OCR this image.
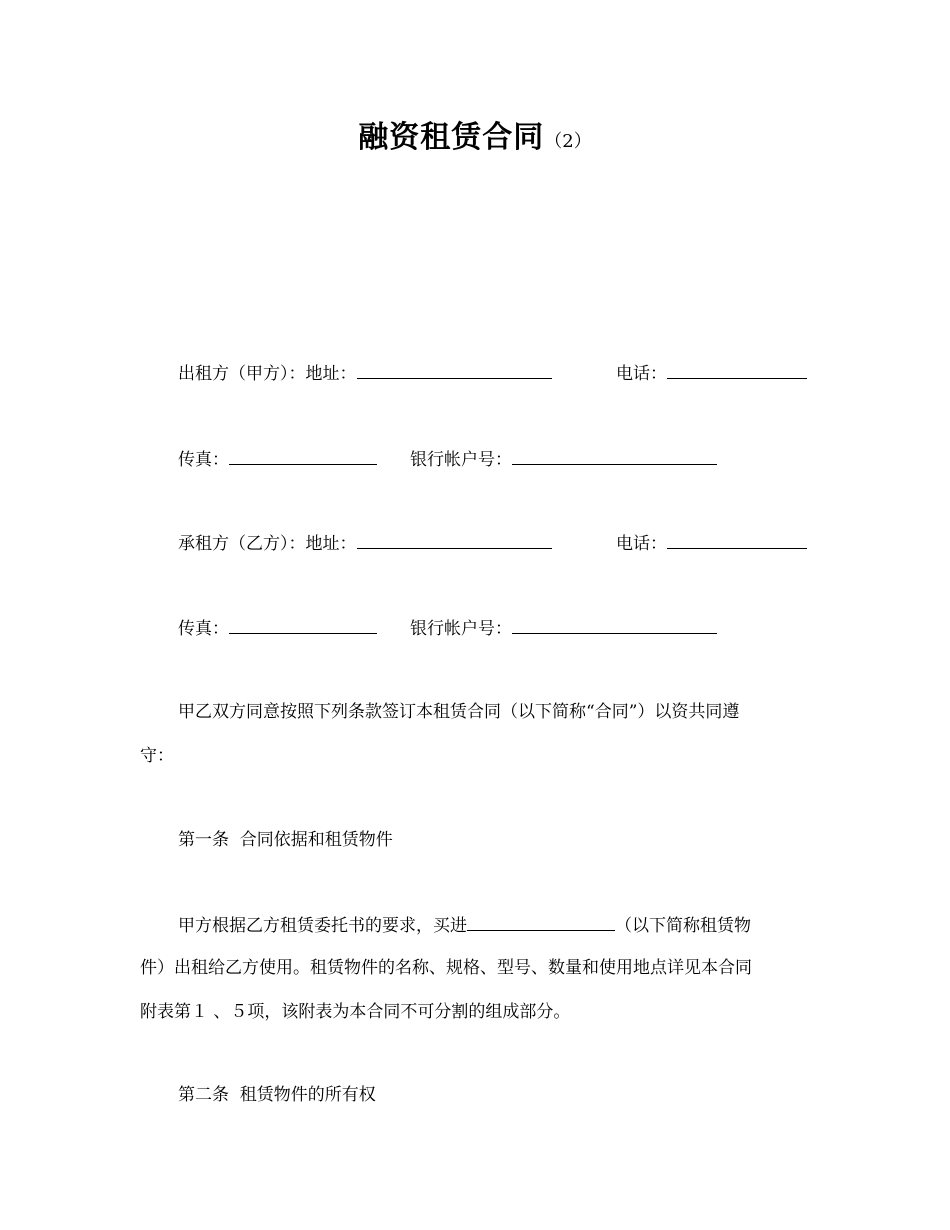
融资租赁合同（2）
出租方（甲方）：地址：	电话：
传真：	银行帐户号：
承租方（乙方）：地址：	电话：
传真：	银行帐户号：
甲乙双方同意按照下列条款签订本租赁合同（以下简称“合同”）以资共同遵
守：
第一条  合同依据和租赁物件
甲方根据乙方租赁委托书的要求，买进	（以下简称租赁物
件）出租给乙方使用。租赁物件的名称、规格、型号、数量和使用地点详见本合同
附表第１ 、５项，该附表为本合同不可分割的组成部分。
第二条  租赁物件的所有权
